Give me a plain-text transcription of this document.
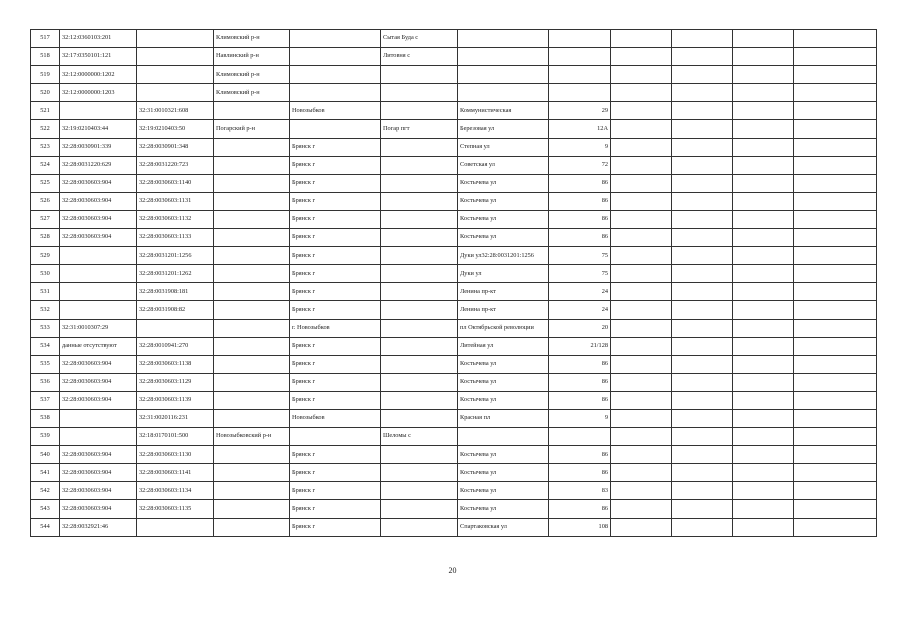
517	32:12:0360103:201		Климовский р-н		Сытая Буда с						
518	32:17:0350101:121		Навлинский р-н		Литовня с						
519	32:12:0000000:1202		Климовский р-н								
520	32:12:0000000:1203		Климовский р-н								
521		32:31:0010321:608		Новозыбков		Коммунистическая	29				
522	32:19:0210403:44	32:19:0210403:50	Погарский р-н		Погар пгт	Березовая ул	12А				
523	32:28:0030901:339	32:28:0030901:348		Брянск г		Степная ул	9				
524	32:28:0031220:629	32:28:0031220:723		Брянск г		Советская ул	72				
525	32:28:0030603:904	32:28:0030603:1140		Брянск г		Костычева ул	86				
526	32:28:0030603:904	32:28:0030603:1131		Брянск г		Костычева ул	86				
527	32:28:0030603:904	32:28:0030603:1132		Брянск г		Костычева ул	86				
528	32:28:0030603:904	32:28:0030603:1133		Брянск г		Костычева ул	86				
529		32:28:0031201:1256		Брянск г		Дуки ул32:28:0031201:1256	75				
530		32:28:0031201:1262		Брянск г		Дуки ул	75				
531		32:28:0031908:181		Брянск г		Ленина пр-кт	24				
532		32:28:0031908:82		Брянск г		Ленина пр-кт	24				
533	32:31:0010307:29			г. Новозыбков		пл Октябрьской революции	20				
534	данные отсутствуют	32:28:0010941:270		Брянск г		Литейная ул	21/128				
535	32:28:0030603:904	32:28:0030603:1138		Брянск г		Костычева ул	86				
536	32:28:0030603:904	32:28:0030603:1129		Брянск г		Костычева ул	86				
537	32:28:0030603:904	32:28:0030603:1139		Брянск г		Костычева ул	86				
538		32:31:0020116:231		Новозыбков		Красная пл	9				
539		32:18:0170101:500	Новозыбковский р-н		Шеломы с						
540	32:28:0030603:904	32:28:0030603:1130		Брянск г		Костычева ул	86				
541	32:28:0030603:904	32:28:0030603:1141		Брянск г		Костычева ул	86				
542	32:28:0030603:904	32:28:0030603:1134		Брянск г		Костычева ул	83				
543	32:28:0030603:904	32:28:0030603:1135		Брянск г		Костычева ул	86				
544	32:28:0032921:46			Брянск г		Спартаковская ул	108				
20
